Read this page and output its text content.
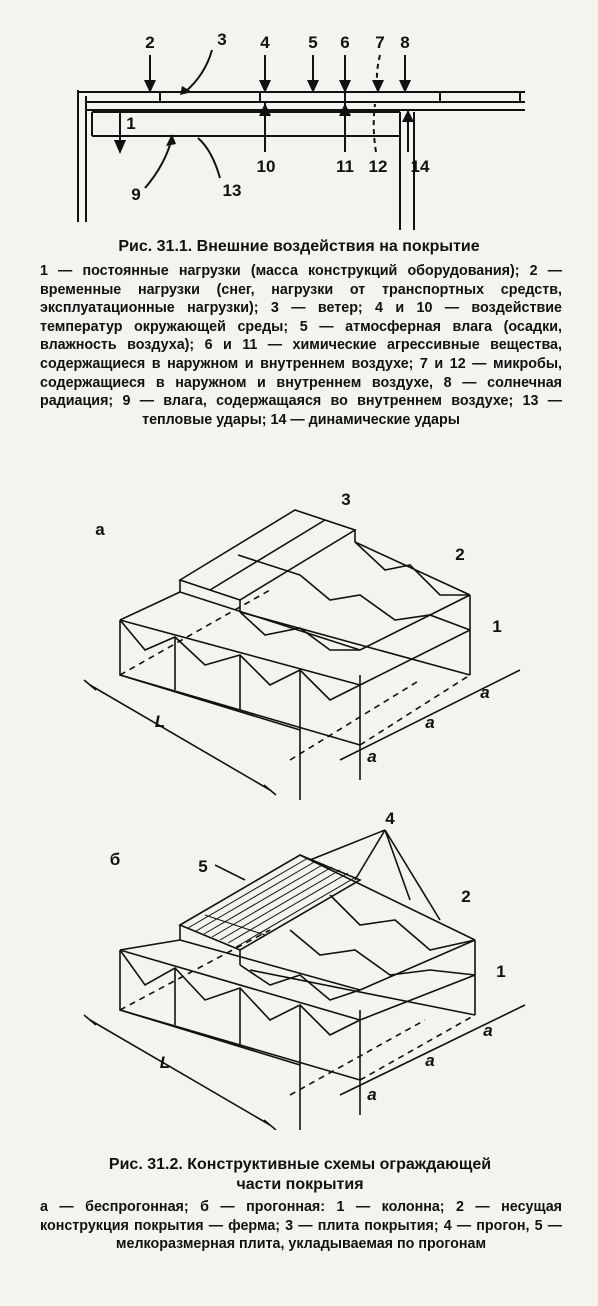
2	3 4 5 6 7 8
1
9	13
10	11 12 14
Рис. 31.1. Внешние воздействия на покрытие
1 — постоянные нагрузки (масса конструкций оборудования); 2 — временные нагрузки (снег, нагрузки от транспортных средств, эксплуатационные нагрузки); 3 — ветер; 4 и 10 — воздействие температур окружающей среды; 5 — атмосферная влага (осадки, влажность воздуха); 6 и 11 — химические агрессивные вещества, содержащиеся в наружном и внутреннем воздухе; 7 и 12 — микробы, содержащиеся в наружном и внутреннем воздухе, 8 — солнечная радиация; 9 — влага, содержащаяся во внутреннем воздухе; 13 — тепловые удары; 14 — динамические удары
а
3
2
1
L
a
a
a
б
4
5
2
1
L
a
a
a
Рис. 31.2. Конструктивные схемы ограждающей части покрытия
а — беспрогонная; б — прогонная: 1 — колонна; 2 — несущая конструкция покрытия — ферма; 3 — плита покрытия; 4 — прогон, 5 — мелкоразмерная плита, укладываемая по прогонам
